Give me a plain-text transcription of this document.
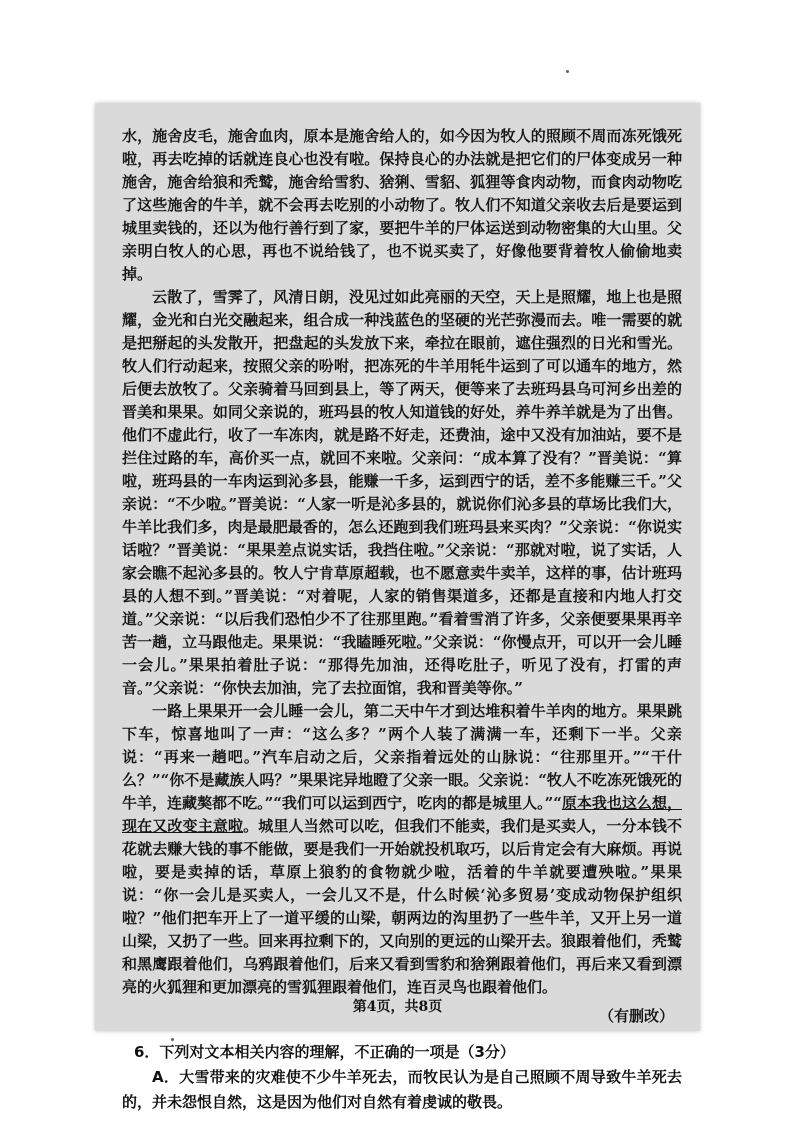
水，施舍皮毛，施舍血肉，原本是施舍给人的，如今因为牧人的照顾不周而冻死饿死啦，再去吃掉的话就连良心也没有啦。保持良心的办法就是把它们的尸体变成另一种施舍，施舍给狼和秃鹫，施舍给雪豹、猞猁、雪貂、狐狸等食肉动物，而食肉动物吃了这些施舍的牛羊，就不会再去吃别的小动物了。牧人们不知道父亲收去后是要运到城里卖钱的，还以为他行善行到了家，要把牛羊的尸体运送到动物密集的大山里。父亲明白牧人的心思，再也不说给钱了，也不说买卖了，好像他要背着牧人偷偷地卖掉。

云散了，雪霁了，风清日朗，没见过如此亮丽的天空，天上是照耀，地上也是照耀，金光和白光交融起来，组合成一种浅蓝色的坚硬的光芒弥漫而去。唯一需要的就是把掰起的头发散开，把盘起的头发放下来，牵拉在眼前，遮住强烈的日光和雪光。牧人们行动起来，按照父亲的吩咐，把冻死的牛羊用牦牛运到了可以通车的地方，然后便去放牧了。父亲骑着马回到县上，等了两天，便等来了去班玛县乌可河乡出差的晋美和果果。如同父亲说的，班玛县的牧人知道钱的好处，养牛养羊就是为了出售。他们不虚此行，收了一车冻肉，就是路不好走，还费油，途中又没有加油站，要不是拦住过路的车，高价买一点，就回不来啦。父亲问：“成本算了没有？”晋美说：“算啦，班玛县的一车肉运到沁多县，能赚一千多，运到西宁的话，差不多能赚三千。”父亲说：“不少啦。”晋美说：“人家一听是沁多县的，就说你们沁多县的草场比我们大，牛羊比我们多，肉是最肥最香的，怎么还跑到我们班玛县来买肉？”父亲说：“你说实话啦？”晋美说：“果果差点说实话，我挡住啦。”父亲说：“那就对啦，说了实话，人家会瞧不起沁多县的。牧人宁肯草原超载，也不愿意卖牛卖羊，这样的事，估计班玛县的人想不到。”晋美说：“对着呢，人家的销售渠道多，还都是直接和内地人打交道。”父亲说：“以后我们恐怕少不了往那里跑。”看着雪消了许多，父亲便要果果再辛苦一趟，立马跟他走。果果说：“我瞌睡死啦。”父亲说：“你慢点开，可以开一会儿睡一会儿。”果果拍着肚子说：“那得先加油，还得吃肚子，听见了没有，打雷的声音。”父亲说：“你快去加油，完了去拉面馆，我和晋美等你。”

一路上果果开一会儿睡一会儿，第二天中午才到达堆积着牛羊肉的地方。果果跳下车，惊喜地叫了一声：“这么多？”两个人装了满满一车，还剩下一半。父亲说：“再来一趟吧。”汽车启动之后，父亲指着远处的山脉说：“往那里开。”“干什么？”“你不是藏族人吗？”果果诧异地瞪了父亲一眼。父亲说：“牧人不吃冻死饿死的牛羊，连藏獒都不吃。”“我们可以运到西宁，吃肉的都是城里人。”“原本我也这么想，现在又改变主意啦。城里人当然可以吃，但我们不能卖，我们是买卖人，一分本钱不花就去赚大钱的事不能做，要是我们一开始就投机取巧，以后肯定会有大麻烦。再说啦，要是卖掉的话，草原上狼豹的食物就少啦，活着的牛羊就要遭殃啦。”果果说：“你一会儿是买卖人，一会儿又不是，什么时候‘沁多贸易’变成动物保护组织啦？”他们把车开上了一道平缓的山梁，朝两边的沟里扔了一些牛羊，又开上另一道山梁，又扔了一些。回来再拉剩下的，又向别的更远的山梁开去。狼跟着他们，秃鹫和黑鹰跟着他们，乌鸦跟着他们，后来又看到雪豹和猞猁跟着他们，再后来又看到漂亮的火狐狸和更加漂亮的雪狐狸跟着他们，连百灵鸟也跟着他们。

（有删改）
6．下列对文本相关内容的理解，不正确的一项是（3分）

A．大雪带来的灾难使不少牛羊死去，而牧民认为是自己照顾不周导致牛羊死去的，并未怨恨自然，这是因为他们对自然有着虔诚的敬畏。

第4页，共8页
